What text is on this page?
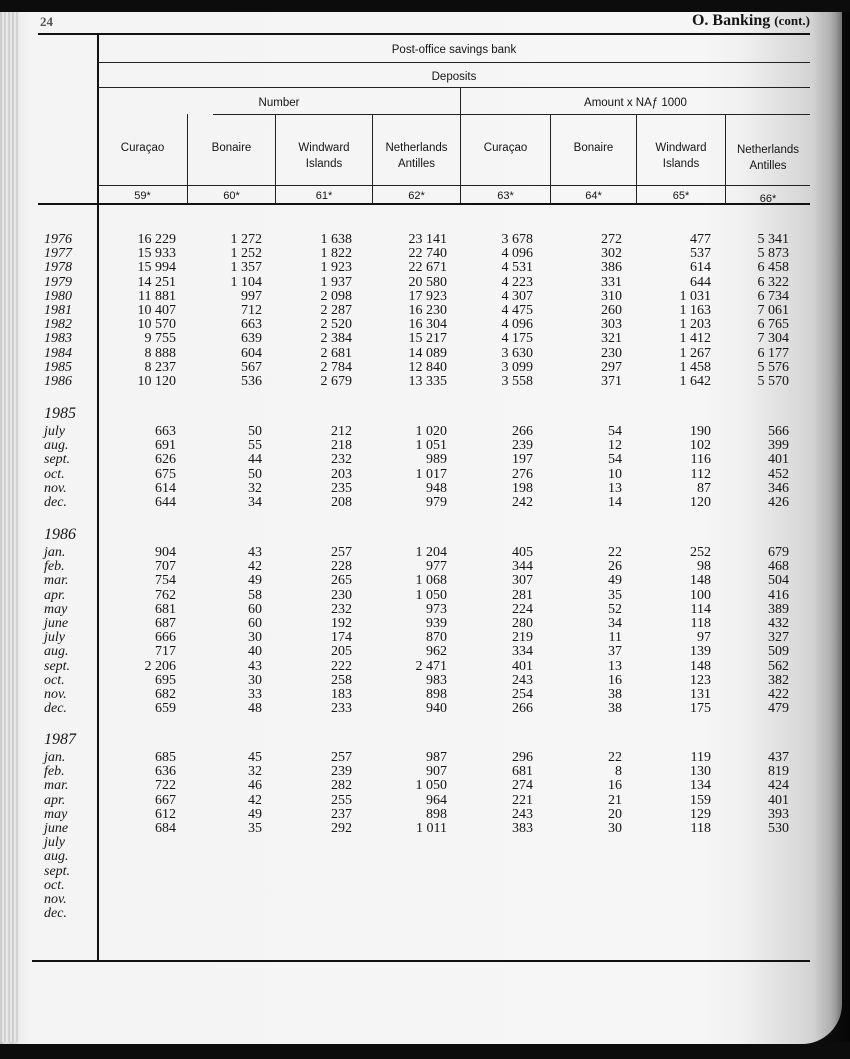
24	O. Banking (cont.)
Post-office savings bank
Deposits
Number	Amount x NAƒ 1000
Curaçao	Bonaire	Windward
Islands
Netherlands
Antilles
Curaçao	Bonaire	Windward
Islands
Netherlands
Antilles
59*	60*	61*	62*	63*	64*	65*	66*
1976	16 229	1 272	1 638	23 141	3 678	272	477	5 341
1977	15 933	1 252	1 822	22 740	4 096	302	537	5 873
1978	15 994	1 357	1 923	22 671	4 531	386	614	6 458
1979	14 251	1 104	1 937	20 580	4 223	331	644	6 322
1980	11 881	997	2 098	17 923	4 307	310	1 031	6 734
1981	10 407	712	2 287	16 230	4 475	260	1 163	7 061
1982	10 570	663	2 520	16 304	4 096	303	1 203	6 765
1983	9 755	639	2 384	15 217	4 175	321	1 412	7 304
1984	8 888	604	2 681	14 089	3 630	230	1 267	6 177
1985	8 237	567	2 784	12 840	3 099	297	1 458	5 576
1986	10 120	536	2 679	13 335	3 558	371	1 642	5 570
1985
july	663	50	212	1 020	266	54	190	566
aug.	691	55	218	1 051	239	12	102	399
sept.	626	44	232	989	197	54	116	401
oct.	675	50	203	1 017	276	10	112	452
nov.	614	32	235	948	198	13	87	346
dec.	644	34	208	979	242	14	120	426
1986
jan.	904	43	257	1 204	405	22	252	679
feb.	707	42	228	977	344	26	98	468
mar.	754	49	265	1 068	307	49	148	504
apr.	762	58	230	1 050	281	35	100	416
may	681	60	232	973	224	52	114	389
june	687	60	192	939	280	34	118	432
july	666	30	174	870	219	11	97	327
aug.	717	40	205	962	334	37	139	509
sept.	2 206	43	222	2 471	401	13	148	562
oct.	695	30	258	983	243	16	123	382
nov.	682	33	183	898	254	38	131	422
dec.	659	48	233	940	266	38	175	479
1987
jan.	685	45	257	987	296	22	119	437
feb.	636	32	239	907	681	8	130	819
mar.	722	46	282	1 050	274	16	134	424
apr.	667	42	255	964	221	21	159	401
may	612	49	237	898	243	20	129	393
june	684	35	292	1 011	383	30	118	530
july
aug.
sept.
oct.
nov.
dec.
